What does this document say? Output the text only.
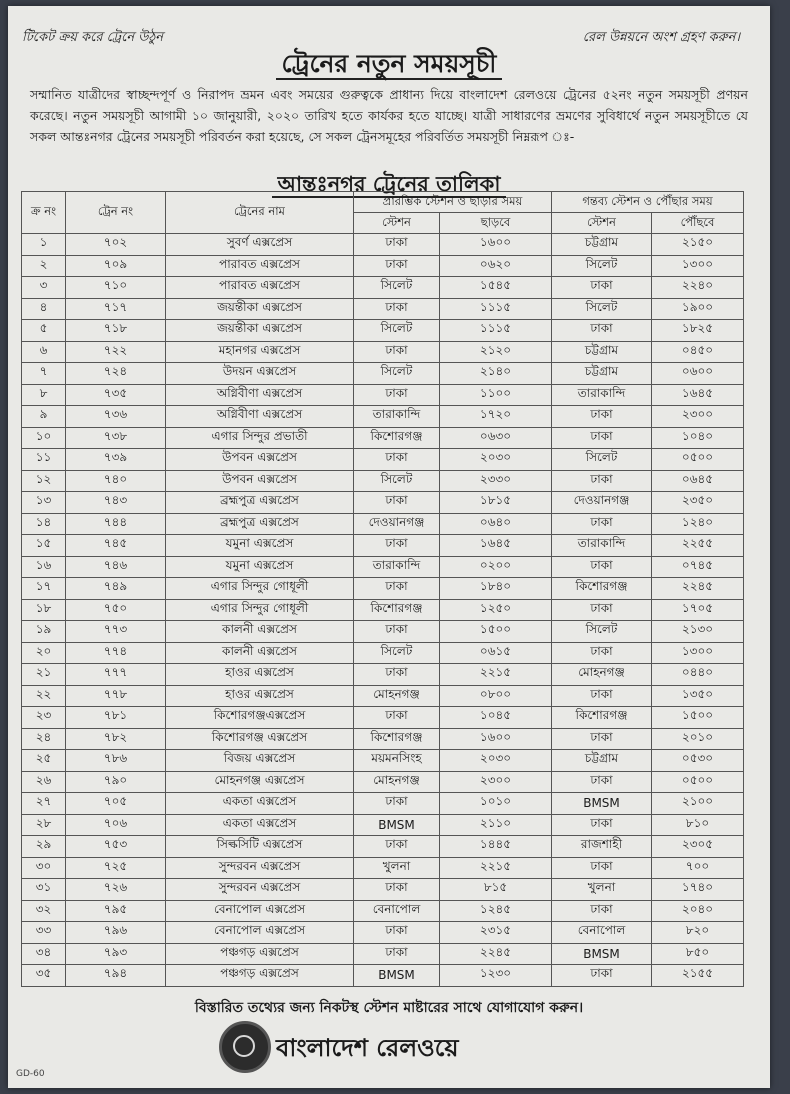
টিকেট ক্রয় করে ট্রেনে উঠুন	রেল উন্নয়নে অংশ গ্রহণ করুন।
ট্রেনের নতুন সময়সূচী
সম্মানিত যাত্রীদের স্বাচ্ছন্দপূর্ণ ও নিরাপদ ভ্রমন এবং সময়ের গুরুত্বকে প্রাধান্য দিয়ে বাংলাদেশ রেলওয়ে ট্রেনের ৫২নং নতুন সময়সূচী প্রণয়ন করেছে। নতুন সময়সূচী আগামী ১০ জানুয়ারী, ২০২০ তারিখ হতে কার্যকর হতে যাচ্ছে। যাত্রী সাধারণের ভ্রমণের সুবিধার্থে নতুন সময়সূচীতে যে সকল আন্তঃনগর ট্রেনের সময়সূচী পরিবর্তন করা হয়েছে, সে সকল ট্রেনসমূহের পরিবর্তিত সময়সূচী নিম্নরূপ ঃ-
আন্তঃনগর ট্রেনের তালিকা
বিস্তারিত তথ্যের জন্য নিকটস্থ স্টেশন মাষ্টারের সাথে যোগাযোগ করুন।
বাংলাদেশ রেলওয়ে
GD-60
ক্র নং	ট্রেন নং	ট্রেনের নাম	প্রারম্ভিক স্টেশন ও ছাড়ার সময়		গন্তব্য স্টেশন ও পৌঁছার সময়	
			স্টেশন	ছাড়বে	স্টেশন	পৌঁছবে
১	৭০২	সুবর্ণ এক্সপ্রেস	ঢাকা	১৬০০	চট্টগ্রাম	২১৫০
২	৭০৯	পারাবত এক্সপ্রেস	ঢাকা	০৬২০	সিলেট	১৩০০
৩	৭১০	পারাবত এক্সপ্রেস	সিলেট	১৫৪৫	ঢাকা	২২৪০
৪	৭১৭	জয়ন্তীকা এক্সপ্রেস	ঢাকা	১১১৫	সিলেট	১৯০০
৫	৭১৮	জয়ন্তীকা এক্সপ্রেস	সিলেট	১১১৫	ঢাকা	১৮২৫
৬	৭২২	মহানগর এক্সপ্রেস	ঢাকা	২১২০	চট্টগ্রাম	০৪৫০
৭	৭২৪	উদয়ন এক্সপ্রেস	সিলেট	২১৪০	চট্টগ্রাম	০৬০০
৮	৭৩৫	অগ্নিবীণা এক্সপ্রেস	ঢাকা	১১০০	তারাকান্দি	১৬৪৫
৯	৭৩৬	অগ্নিবীণা এক্সপ্রেস	তারাকান্দি	১৭২০	ঢাকা	২৩০০
১০	৭৩৮	এগার সিন্দুর প্রভাতী	কিশোরগঞ্জ	০৬৩০	ঢাকা	১০৪০
১১	৭৩৯	উপবন এক্সপ্রেস	ঢাকা	২০৩০	সিলেট	০৫০০
১২	৭৪০	উপবন এক্সপ্রেস	সিলেট	২৩৩০	ঢাকা	০৬৪৫
১৩	৭৪৩	ব্রহ্মপুত্র এক্সপ্রেস	ঢাকা	১৮১৫	দেওয়ানগঞ্জ	২৩৫০
১৪	৭৪৪	ব্রহ্মপুত্র এক্সপ্রেস	দেওয়ানগঞ্জ	০৬৪০	ঢাকা	১২৪০
১৫	৭৪৫	যমুনা এক্সপ্রেস	ঢাকা	১৬৪৫	তারাকান্দি	২২৫৫
১৬	৭৪৬	যমুনা এক্সপ্রেস	তারাকান্দি	০২০০	ঢাকা	০৭৪৫
১৭	৭৪৯	এগার সিন্দুর গোধূলী	ঢাকা	১৮৪০	কিশোরগঞ্জ	২২৪৫
১৮	৭৫০	এগার সিন্দুর গোধূলী	কিশোরগঞ্জ	১২৫০	ঢাকা	১৭০৫
১৯	৭৭৩	কালনী এক্সপ্রেস	ঢাকা	১৫০০	সিলেট	২১৩০
২০	৭৭৪	কালনী এক্সপ্রেস	সিলেট	০৬১৫	ঢাকা	১৩০০
২১	৭৭৭	হাওর এক্সপ্রেস	ঢাকা	২২১৫	মোহনগঞ্জ	০৪৪০
২২	৭৭৮	হাওর এক্সপ্রেস	মোহনগঞ্জ	০৮০০	ঢাকা	১৩৫০
২৩	৭৮১	কিশোরগঞ্জএক্সপ্রেস	ঢাকা	১০৪৫	কিশোরগঞ্জ	১৫০০
২৪	৭৮২	কিশোরগঞ্জ এক্সপ্রেস	কিশোরগঞ্জ	১৬০০	ঢাকা	২০১০
২৫	৭৮৬	বিজয় এক্সপ্রেস	ময়মনসিংহ	২০৩০	চট্টগ্রাম	০৫৩০
২৬	৭৯০	মোহনগঞ্জ এক্সপ্রেস	মোহনগঞ্জ	২৩০০	ঢাকা	০৫০০
২৭	৭০৫	একতা এক্সপ্রেস	ঢাকা	১০১০	BMSM	২১০০
২৮	৭০৬	একতা এক্সপ্রেস	BMSM	২১১০	ঢাকা	৮১০
২৯	৭৫৩	সিল্কসিটি এক্সপ্রেস	ঢাকা	১৪৪৫	রাজশাহী	২৩০৫
৩০	৭২৫	সুন্দরবন এক্সপ্রেস	খুলনা	২২১৫	ঢাকা	৭০০
৩১	৭২৬	সুন্দরবন এক্সপ্রেস	ঢাকা	৮১৫	খুলনা	১৭৪০
৩২	৭৯৫	বেনাপোল এক্সপ্রেস	বেনাপোল	১২৪৫	ঢাকা	২০৪০
৩৩	৭৯৬	বেনাপোল এক্সপ্রেস	ঢাকা	২৩১৫	বেনাপোল	৮২০
৩৪	৭৯৩	পঞ্চগড় এক্সপ্রেস	ঢাকা	২২৪৫	BMSM	৮৫০
৩৫	৭৯৪	পঞ্চগড় এক্সপ্রেস	BMSM	১২৩০	ঢাকা	২১৫৫
